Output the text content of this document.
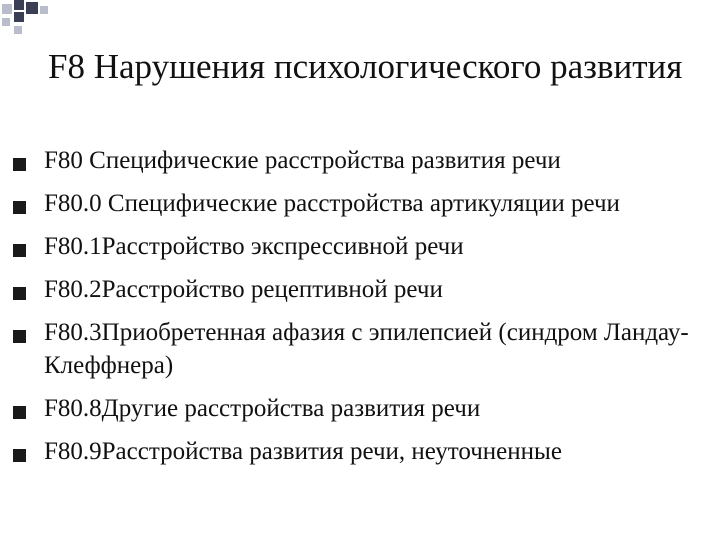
F8 Нарушения психологического развития
F80 Специфические расстройства развития речи
F80.0 Специфические расстройства артикуляции речи
F80.1Расстройство экспрессивной речи
F80.2Расстройство рецептивной речи
F80.3Приобретенная афазия с эпилепсией (синдром Ландау-Клеффнера)
F80.8Другие расстройства развития речи
F80.9Расстройства развития речи, неуточненные
